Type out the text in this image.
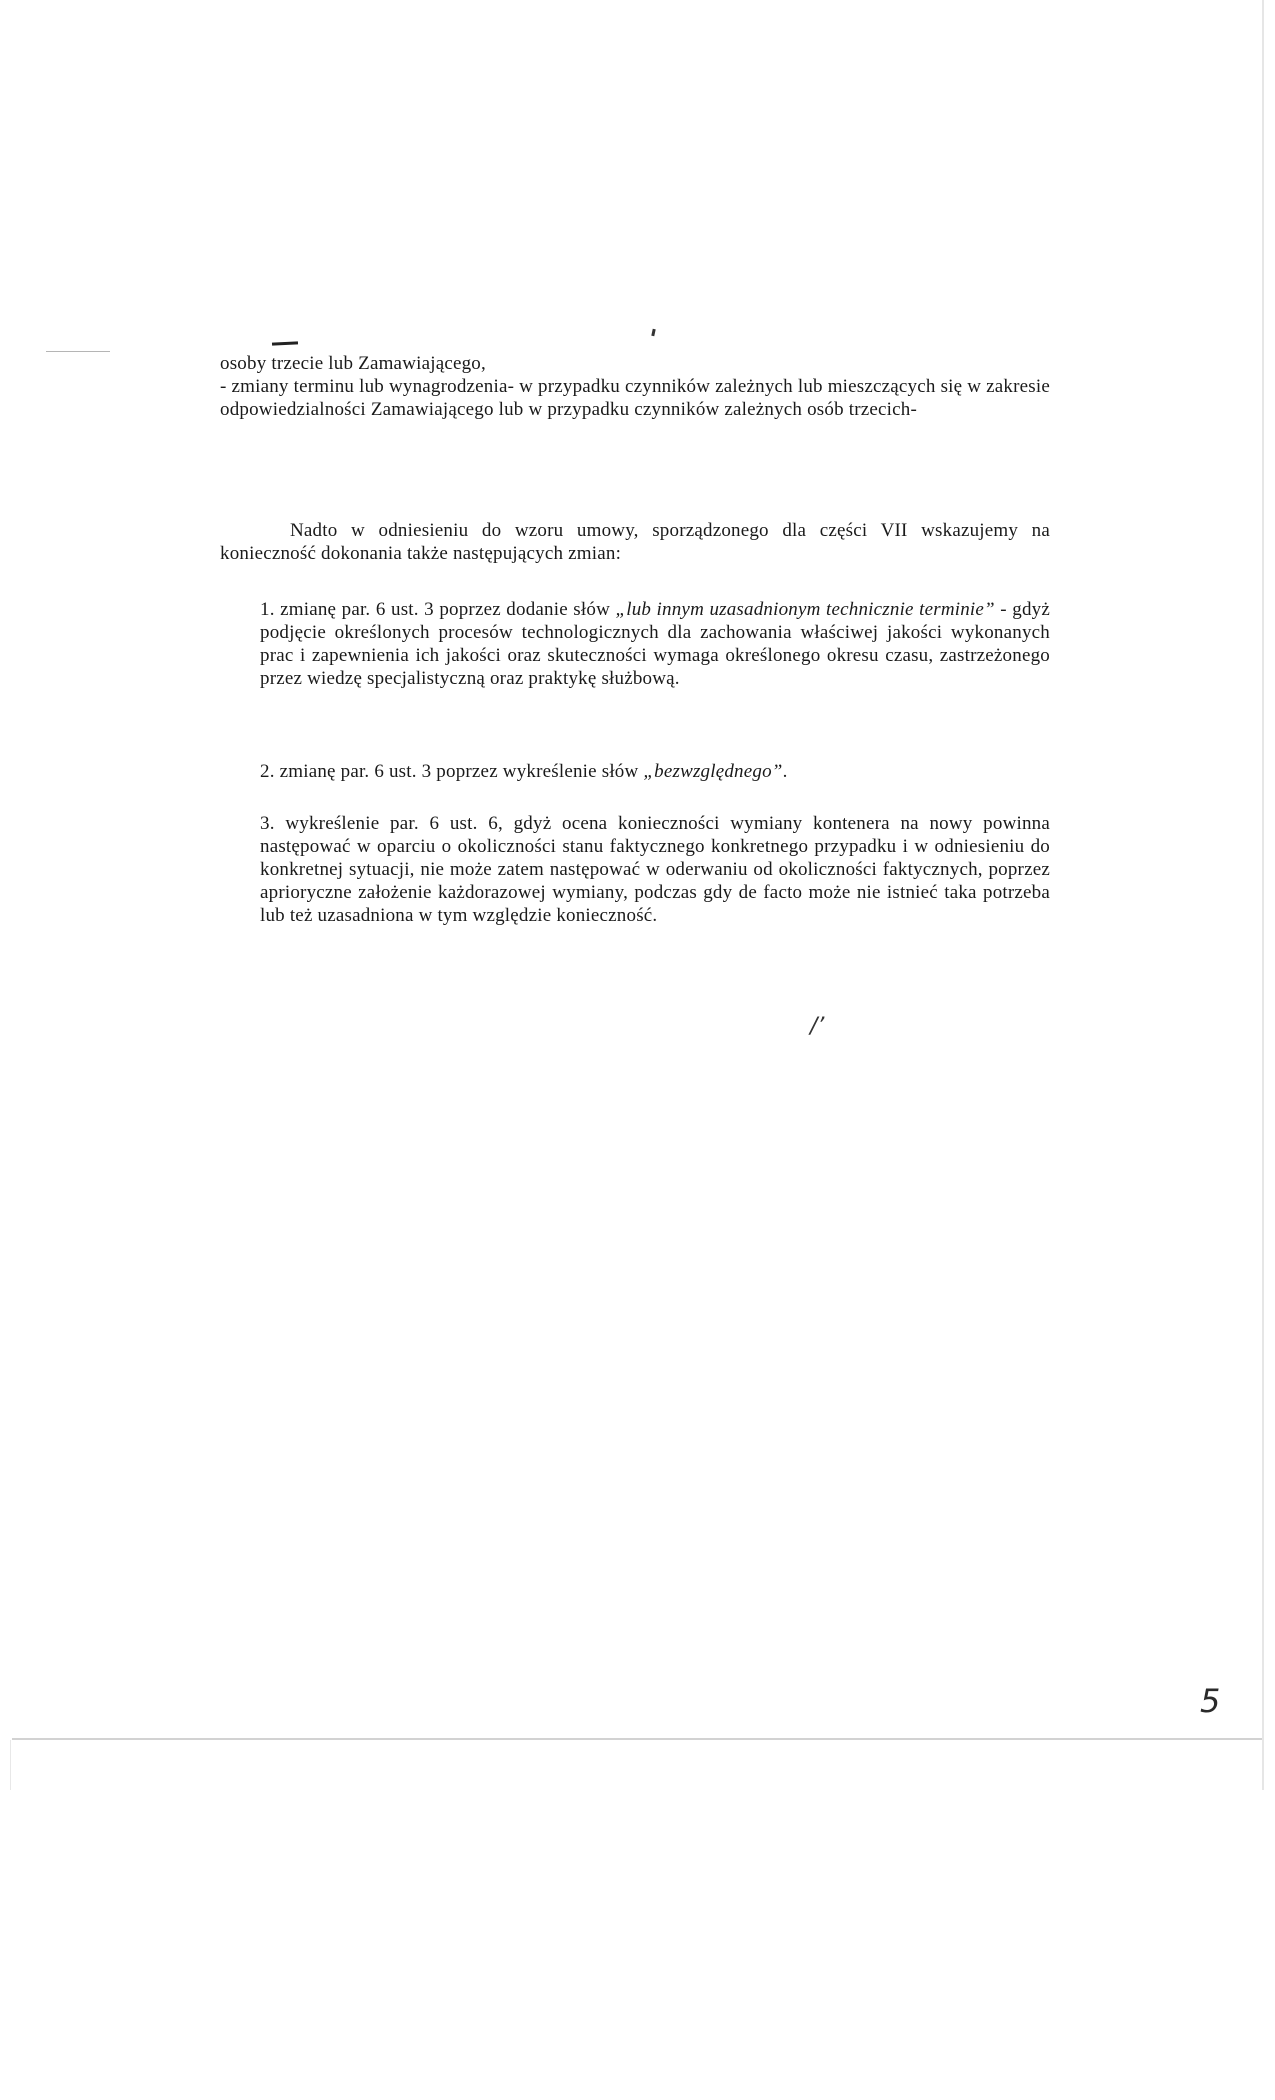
osoby trzecie lub Zamawiającego,
- zmiany terminu lub wynagrodzenia- w przypadku czynników zależnych lub mieszczących się w zakresie odpowiedzialności Zamawiającego lub w przypadku czynników zależnych osób trzecich-
Nadto w odniesieniu do wzoru umowy, sporządzonego dla części VII wskazujemy na konieczność dokonania także następujących zmian:
1. zmianę par. 6 ust. 3 poprzez dodanie słów „lub innym uzasadnionym technicznie terminie” - gdyż podjęcie określonych procesów technologicznych dla zachowania właściwej jakości wykonanych prac i zapewnienia ich jakości oraz skuteczności wymaga określonego okresu czasu, zastrzeżonego przez wiedzę specjalistyczną oraz praktykę służbową.
2. zmianę par. 6 ust. 3 poprzez wykreślenie słów „bezwzględnego”.
3. wykreślenie par. 6 ust. 6, gdyż ocena konieczności wymiany kontenera na nowy powinna następować w oparciu o okoliczności stanu faktycznego konkretnego przypadku i w odniesieniu do konkretnej sytuacji, nie może zatem następować w oderwaniu od okoliczności faktycznych, poprzez aprioryczne założenie każdorazowej wymiany, podczas gdy de facto może nie istnieć taka potrzeba lub też uzasadniona w tym względzie konieczność.
/’
5
